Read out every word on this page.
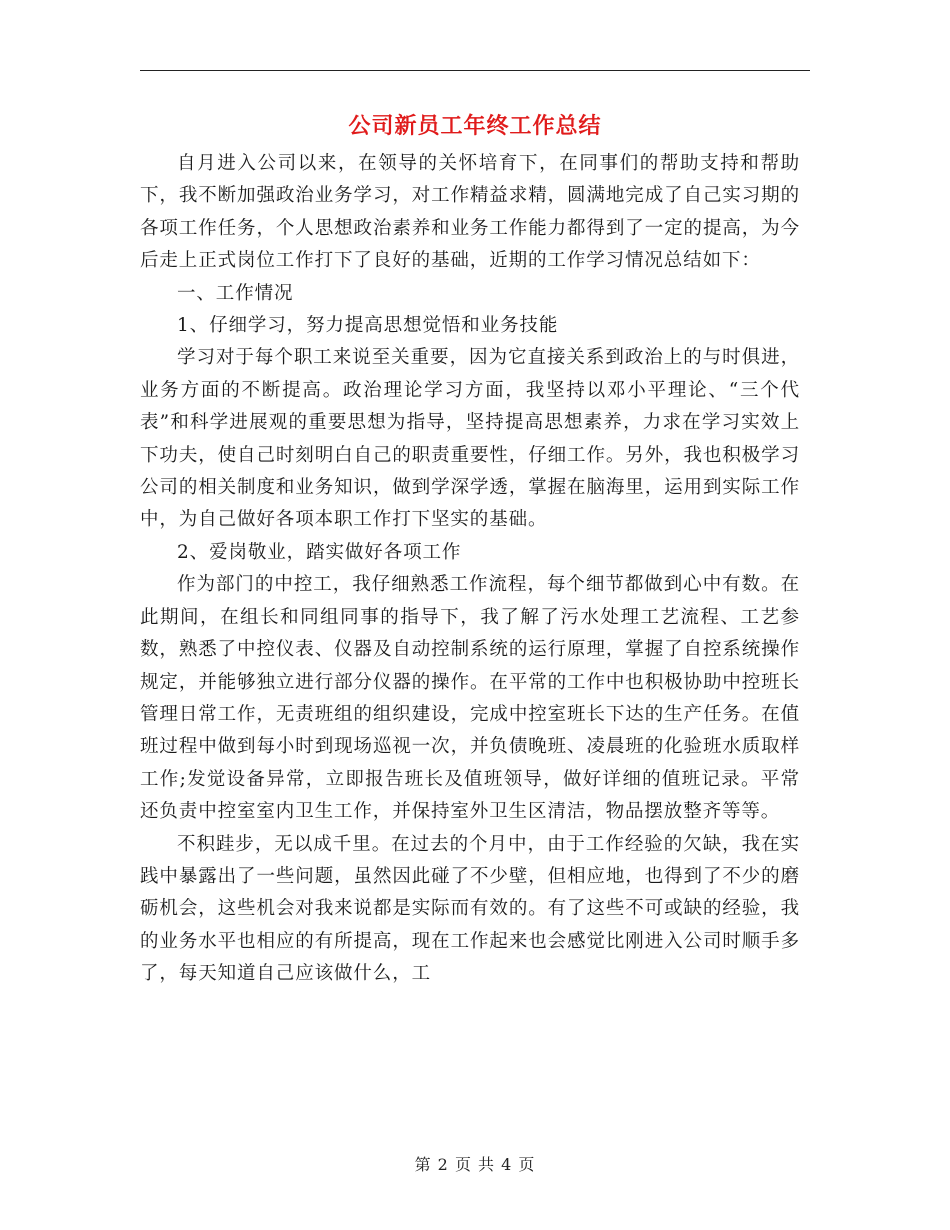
公司新员工年终工作总结

自月进入公司以来，在领导的关怀培育下，在同事们的帮助支持和帮助下，我不断加强政治业务学习，对工作精益求精，圆满地完成了自己实习期的各项工作任务，个人思想政治素养和业务工作能力都得到了一定的提高，为今后走上正式岗位工作打下了良好的基础，近期的工作学习情况总结如下：

一、工作情况

1、仔细学习，努力提高思想觉悟和业务技能

学习对于每个职工来说至关重要，因为它直接关系到政治上的与时俱进，业务方面的不断提高。政治理论学习方面，我坚持以邓小平理论、“三个代表”和科学进展观的重要思想为指导，坚持提高思想素养，力求在学习实效上下功夫，使自己时刻明白自己的职责重要性，仔细工作。另外，我也积极学习公司的相关制度和业务知识，做到学深学透，掌握在脑海里，运用到实际工作中，为自己做好各项本职工作打下坚实的基础。

2、爱岗敬业，踏实做好各项工作

作为部门的中控工，我仔细熟悉工作流程，每个细节都做到心中有数。在此期间，在组长和同组同事的指导下，我了解了污水处理工艺流程、工艺参数，熟悉了中控仪表、仪器及自动控制系统的运行原理，掌握了自控系统操作规定，并能够独立进行部分仪器的操作。在平常的工作中也积极协助中控班长管理日常工作，无责班组的组织建设，完成中控室班长下达的生产任务。在值班过程中做到每小时到现场巡视一次，并负债晚班、凌晨班的化验班水质取样工作;发觉设备异常，立即报告班长及值班领导，做好详细的值班记录。平常还负责中控室室内卫生工作，并保持室外卫生区清洁，物品摆放整齐等等。

不积跬步，无以成千里。在过去的个月中，由于工作经验的欠缺，我在实践中暴露出了一些问题，虽然因此碰了不少壁，但相应地，也得到了不少的磨砺机会，这些机会对我来说都是实际而有效的。有了这些不可或缺的经验，我的业务水平也相应的有所提高，现在工作起来也会感觉比刚进入公司时顺手多了，每天知道自己应该做什么，工

第 2 页 共 4 页
